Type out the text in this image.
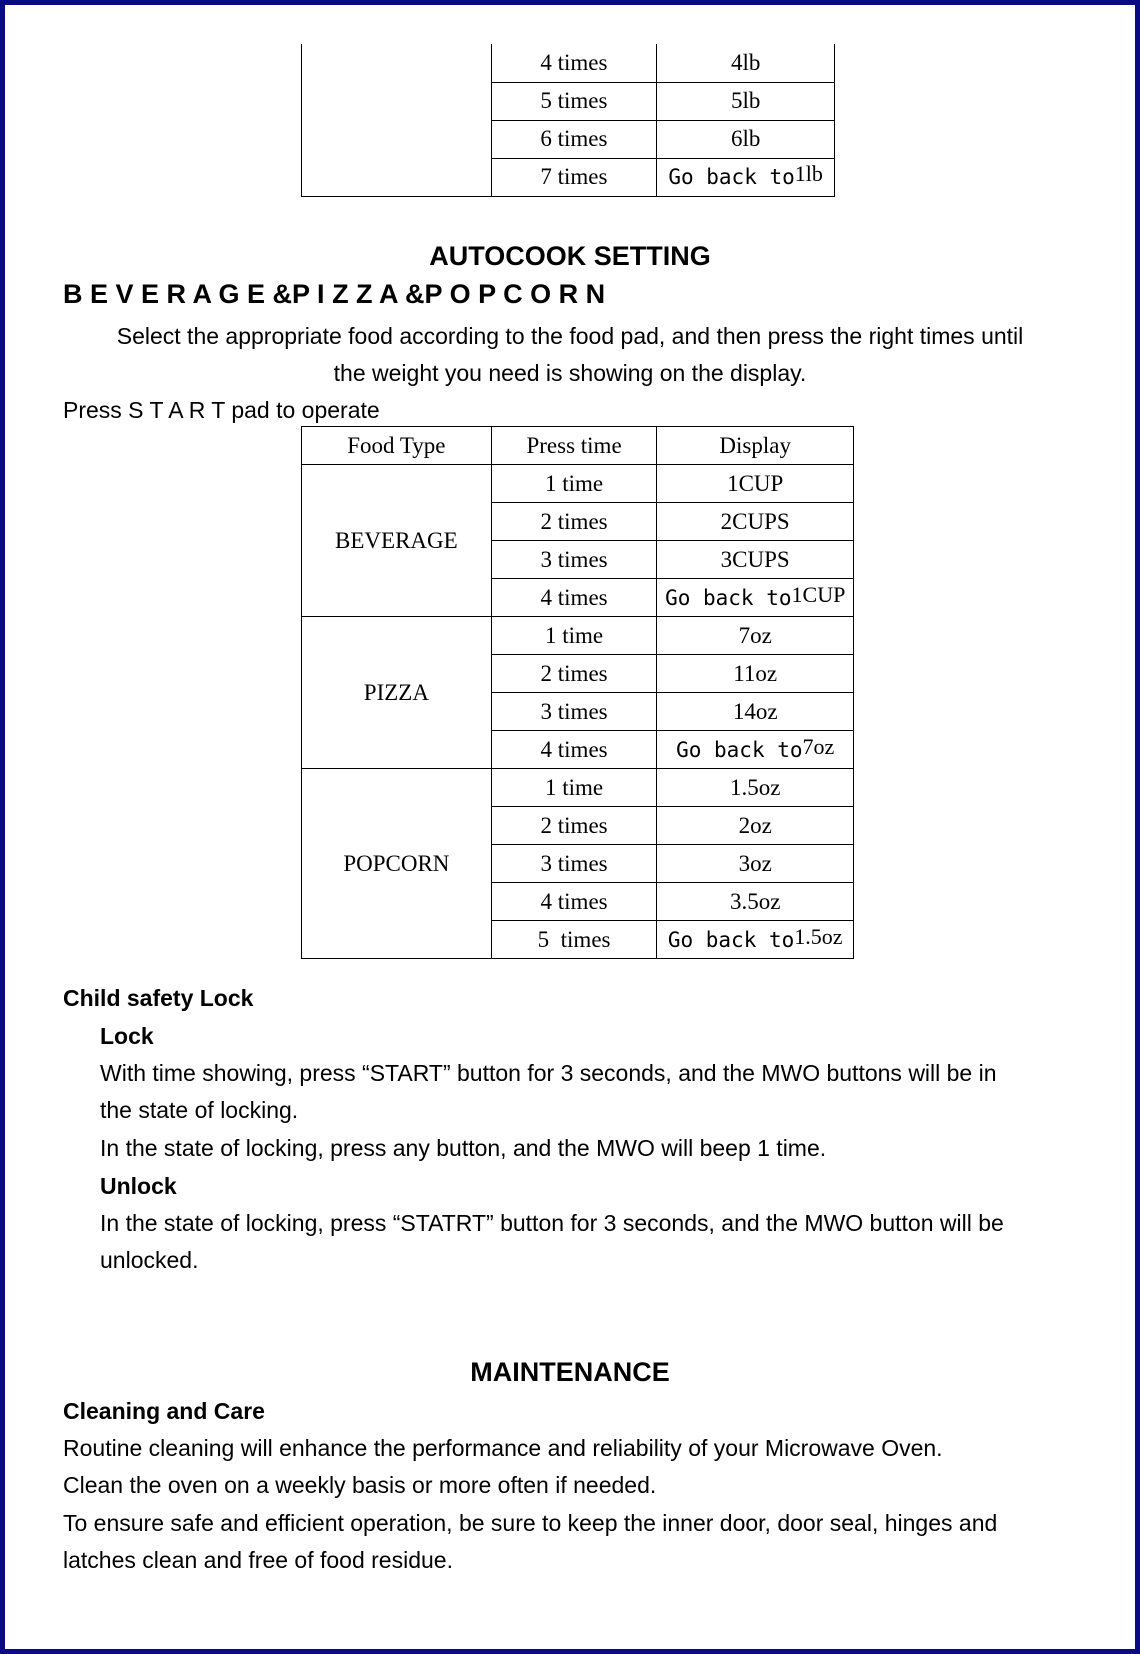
	4 times	4lb
	5 times	5lb
	6 times	6lb
	7 times	Go back to1lb
AUTOCOOK SETTING
B E V E R A G E &P I Z Z A &P O P C O R N
Select the appropriate food according to the food pad, and then press the right times until
the weight you need is showing on the display.
Press S T A R T pad to operate
Food Type	Press time	Display
BEVERAGE	1 time	1CUP
	2 times	2CUPS
	3 times	3CUPS
	4 times	Go back to1CUP
PIZZA	1 time	7oz
	2 times	11oz
	3 times	14oz
	4 times	Go back to7oz
POPCORN	1 time	1.5oz
	2 times	2oz
	3 times	3oz
	4 times	3.5oz
	5  times	Go back to1.5oz
Child safety Lock
Lock
With time showing, press “START” button for 3 seconds, and the MWO buttons will be in
the state of locking.
In the state of locking, press any button, and the MWO will beep 1 time.
Unlock
In the state of locking, press “STATRT” button for 3 seconds, and the MWO button will be
unlocked.
MAINTENANCE
Cleaning and Care
Routine cleaning will enhance the performance and reliability of your Microwave Oven.
Clean the oven on a weekly basis or more often if needed.
To ensure safe and efficient operation, be sure to keep the inner door, door seal, hinges and
latches clean and free of food residue.
